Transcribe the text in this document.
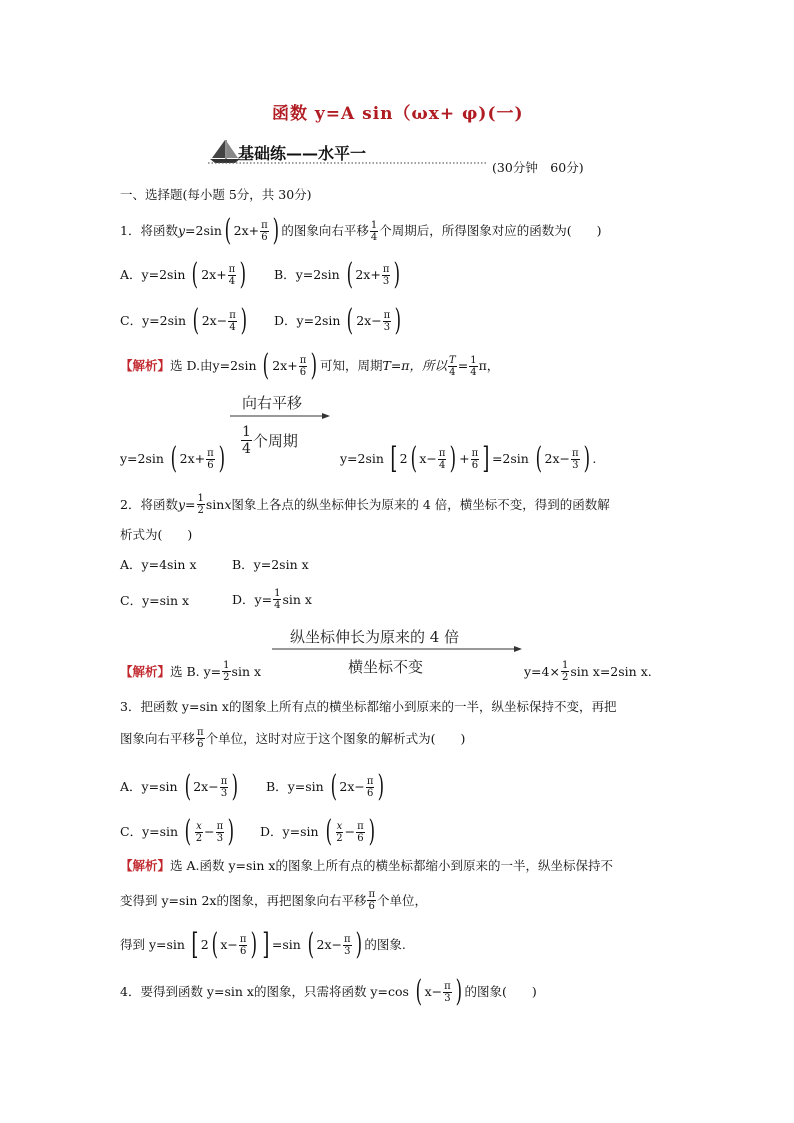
函数 y=A sin（ωx+ φ)(一)
基础练——水平一
(30分钟　60分)
一、选择题(每小题 5分，共 30分)
1．将函数 y =2sin ( $2x+ \frac{\pi}{6}$ ) 的图象向右平移 $\frac{1}{4}$ 个周期后，所得图象对应的函数为(　　)
A． y=2sin
( $2x+ \frac{\pi}{4}$ ) B． y=2sin
( $2x+ \frac{\pi}{3}$ )
C． y=2sin
( $2x- \frac{\pi}{4}$ ) D． y=2sin
( $2x- \frac{\pi}{3}$ )
【解析】 选 D.由 y=2sin
( $2x+ \frac{\pi}{6}$ ) 可知，周期 T=π，所以 $\frac{T}{4} = \frac{1}{4}$ π，
向右平移
$\frac{1}{4}$ 个周期
y=2sin
( $2x+ \frac{\pi}{6}$ )	y=2sin
[ 2 ( $x- \frac{\pi}{4}$ ) + $\frac{\pi}{6}$ ] =2sin
( $2x- \frac{\pi}{3}$ ) .
2．将函数 $y= \frac{1}{2}$ sin x 图象上各点的纵坐标伸长为原来的 4 倍，横坐标不变，得到的函数解
析式为(　　)
A．y=4sin x	B．y=2sin x
C．y=sin x	D．$y= \frac{1}{4}$ sin x
纵坐标伸长为原来的 4 倍
横坐标不变
【解析】 选 B. $y= \frac{1}{2}$ sin x	$y=4\times \frac{1}{2}$ sin x=2sin x.
3．把函数 y=sin x的图象上所有点的横坐标都缩小到原来的一半，纵坐标保持不变，再把
图象向右平移 $\frac{\pi}{6}$ 个单位，这时对应于这个图象的解析式为(　　)
A． y=sin
( $2x- \frac{\pi}{3}$ ) B． y=sin
( $2x- \frac{\pi}{6}$ )
C． y=sin
( $\frac{x}{2} - \frac{\pi}{3}$ ) D． y=sin
( $\frac{x}{2} - \frac{\pi}{6}$ )
【解析】选 A.函数 y=sin x的图象上所有点的横坐标都缩小到原来的一半，纵坐标保持不
变得到 y=sin 2x的图象，再把图象向右平移 $\frac{\pi}{6}$ 个单位，
得到 y=sin
[ 2 ( $x- \frac{\pi}{6}$ ) ] =sin
( $2x- \frac{\pi}{3}$ ) 的图象.
4．要得到函数 y=sin x的图象，只需将函数 y=cos
( $x- \frac{\pi}{3}$ ) 的图象(　　)
